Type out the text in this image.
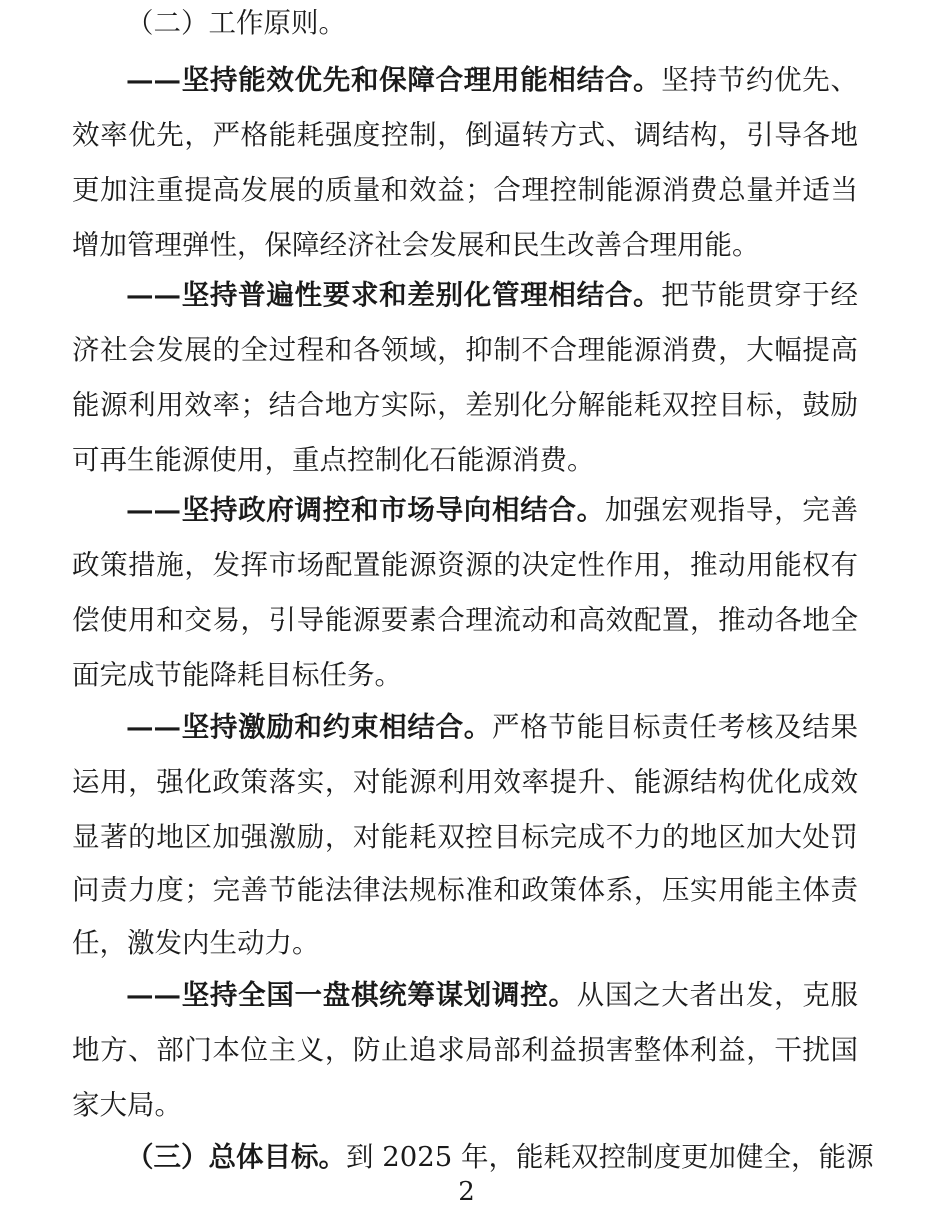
（二）工作原则。
——坚持能效优先和保障合理用能相结合。坚持节约优先、
效率优先，严格能耗强度控制，倒逼转方式、调结构，引导各地
更加注重提高发展的质量和效益；合理控制能源消费总量并适当
增加管理弹性，保障经济社会发展和民生改善合理用能。
——坚持普遍性要求和差别化管理相结合。把节能贯穿于经
济社会发展的全过程和各领域，抑制不合理能源消费，大幅提高
能源利用效率；结合地方实际，差别化分解能耗双控目标，鼓励
可再生能源使用，重点控制化石能源消费。
——坚持政府调控和市场导向相结合。加强宏观指导，完善
政策措施，发挥市场配置能源资源的决定性作用，推动用能权有
偿使用和交易，引导能源要素合理流动和高效配置，推动各地全
面完成节能降耗目标任务。
——坚持激励和约束相结合。严格节能目标责任考核及结果
运用，强化政策落实，对能源利用效率提升、能源结构优化成效
显著的地区加强激励，对能耗双控目标完成不力的地区加大处罚
问责力度；完善节能法律法规标准和政策体系，压实用能主体责
任，激发内生动力。
——坚持全国一盘棋统筹谋划调控。从国之大者出发，克服
地方、部门本位主义，防止追求局部利益损害整体利益，干扰国
家大局。
（三）总体目标。到 2025 年，能耗双控制度更加健全，能源
2
